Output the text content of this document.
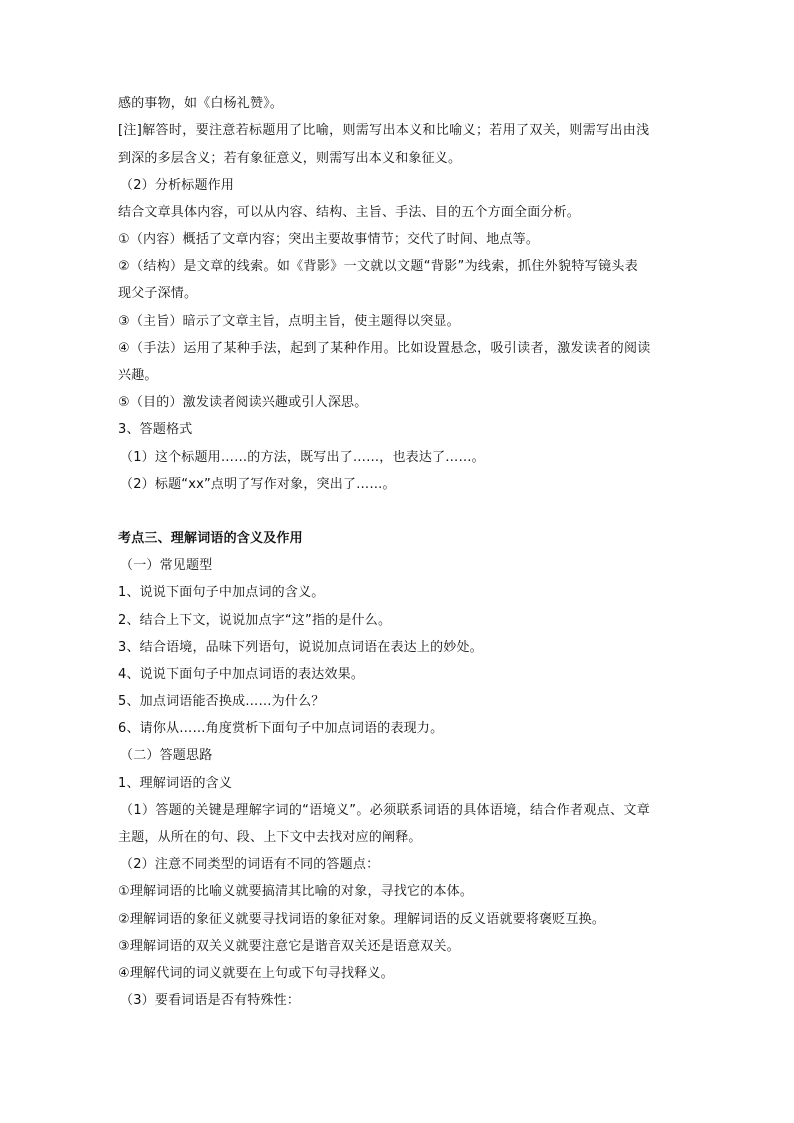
感的事物，如《白杨礼赞》。
[注]解答时，要注意若标题用了比喻，则需写出本义和比喻义；若用了双关，则需写出由浅
到深的多层含义；若有象征意义，则需写出本义和象征义。
（2）分析标题作用
结合文章具体内容，可以从内容、结构、主旨、手法、目的五个方面全面分析。
①（内容）概括了文章内容；突出主要故事情节；交代了时间、地点等。
②（结构）是文章的线索。如《背影》一文就以文题“背影”为线索，抓住外貌特写镜头表
现父子深情。
③（主旨）暗示了文章主旨，点明主旨，使主题得以突显。
④（手法）运用了某种手法，起到了某种作用。比如设置悬念，吸引读者，激发读者的阅读
兴趣。
⑤（目的）激发读者阅读兴趣或引人深思。
3、答题格式
（1）这个标题用……的方法，既写出了……，也表达了……。
（2）标题“xx”点明了写作对象，突出了……。
考点三、理解词语的含义及作用
（一）常见题型
1、说说下面句子中加点词的含义。
2、结合上下文，说说加点字“这”指的是什么。
3、结合语境，品味下列语句，说说加点词语在表达上的妙处。
4、说说下面句子中加点词语的表达效果。
5、加点词语能否换成……为什么？
6、请你从……角度赏析下面句子中加点词语的表现力。
（二）答题思路
1、理解词语的含义
（1）答题的关键是理解字词的“语境义”。必须联系词语的具体语境，结合作者观点、文章
主题，从所在的句、段、上下文中去找对应的阐释。
（2）注意不同类型的词语有不同的答题点：
①理解词语的比喻义就要搞清其比喻的对象，寻找它的本体。
②理解词语的象征义就要寻找词语的象征对象。理解词语的反义语就要将褒贬互换。
③理解词语的双关义就要注意它是谐音双关还是语意双关。
④理解代词的词义就要在上句或下句寻找释义。
（3）要看词语是否有特殊性：
